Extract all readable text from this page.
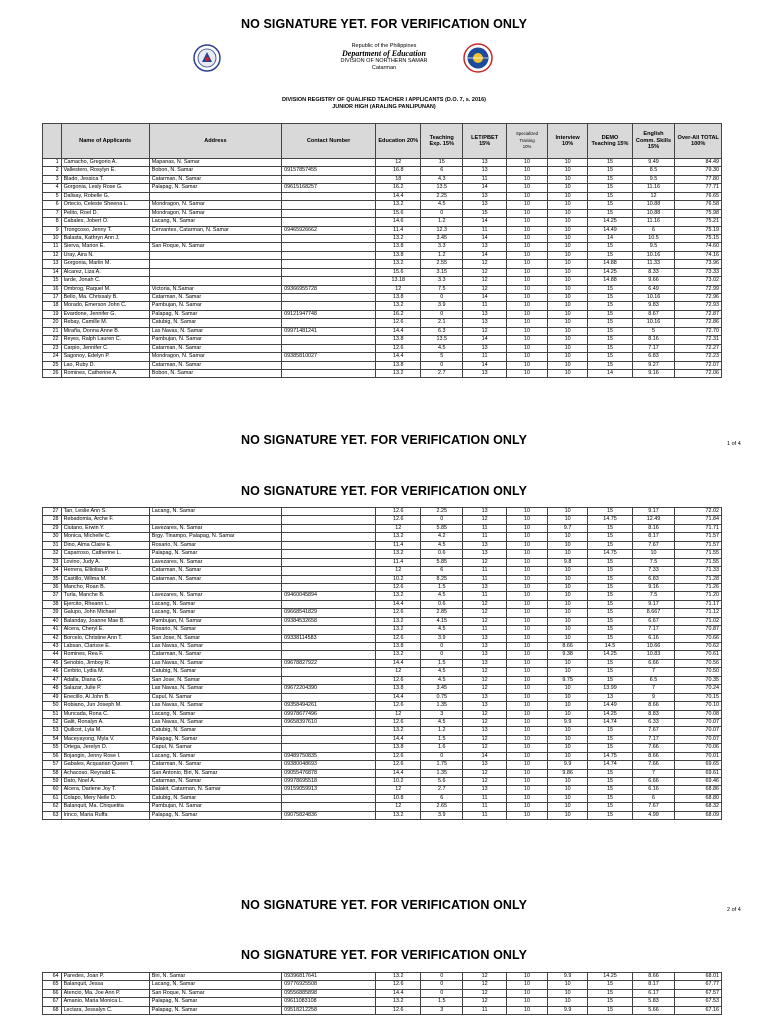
NO SIGNATURE YET. FOR VERIFICATION ONLY
Republic of the Philippines
Department of Education
DIVISION OF NORTHERN SAMAR
Catarman
DIVISION REGISTRY OF QUALIFIED TEACHER I APPLICANTS (D.O. 7, s. 2016)
JUNIOR HIGH (ARALING PANLIPUNAN)
	Name of Applicants	Address	Contact Number	Education 20%	Teaching Exp. 15%	LET/PBET 15%	Specialized Training
10%	Interview 10%	DEMO Teaching 15%	English Comm. Skills 15%	Over-All TOTAL 100%
1	Camacho, Gregorio A.	Mapanas, N. Samar		12	15	13	10	10	15	9.49	84.49
2	Vallestero, Rosylyn E.	Bobon, N. Samar	09157857455	16.8	6	13	10	10	15	8.5	79.30
3	Blado, Jessica T.	Catarman, N. Samar		18	4.3	11	10	10	15	9.5	77.80
4	Gorgonia, Lesly Rose G.	Palapag, N. Samar	09615168257	16.2	13.5	14	10	10	15	11.16	77.71
5	Dalisay, Robelle G.			14.4	2.25	13	10	10	15	12	76.65
6	Ortecio, Celeste Sheena L.	Mondragon, N. Samar		13.2	4.5	13	10	10	15	10.88	76.58
7	Pelito, Roel D.	Mondragon, N. Samar		15.6	0	15	10	10	15	10.88	75.98
8	Cabales, Jobert O.	Lacang, N. Samar		14.6	1.2	14	10	10	14.25	11.16	75.21
9	Trongcoso, Jenny T.	Cervantes, Catarman, N. Samar	09465926662	11.4	12.3	11	10	10	14.49	6	75.19
10	Balasta, Kathryn Ann J.			13.2	3.45	14	10	10	14	10.5	75.15
11	Sierva, Marion E.	San Roque, N. Samar		13.8	3.3	13	10	10	15	9.5	74.60
12	Uray, Aira N.			13.8	1.2	14	10	10	15	10.16	74.16
13	Gorgonia, Marlin M.			13.2	2.55	12	10	10	14.88	11.33	73.96
14	Alcarez, Liza A.			15.6	3.15	12	10	10	14.25	8.33	73.33
15	Iarde, Jonah C.			13.18	3.3	12	10	10	14.88	9.66	73.02
16	Ombrog, Raquel M.	Victoria, N.Samar	09366955728	12	7.5	12	10	10	15	6.49	72.99
17	Bello, Ma. Chrissaly B.	Catarman, N. Samar		13.8	0	14	10	10	15	10.16	72.96
18	Morado, Emerson John C.	Pambujan, N. Samar		13.2	3.9	11	10	10	15	9.83	72.93
19	Evardone, Jennifer G.	Palapag, N. Samar	09121947748	16.2	0	13	10	10	15	8.67	72.87
20	Rebay, Camille M.	Catubig, N. Samar		12.6	2.1	13	10	10	15	10.16	72.86
21	Miraña, Donna Anne B.	Las Navas, N. Samar	09971481241	14.4	6.3	12	10	10	15	5	72.70
22	Reyes, Ralph Lauren C.	Pambujan, N. Samar		13.8	13.5	14	10	10	15	8.16	72.31
23	Carpio, Jennifer C.	Catarman, N. Samar		12.6	4.5	13	10	10	15	7.17	72.27
24	Sagonoy, Edelyn P.	Mondragon, N. Samar	09385810027	14.4	5	11	10	10	15	6.83	72.23
25	Lao, Ruby D.	Catarman, N. Samar		13.8	0	14	10	10	15	9.27	72.07
26	Romines, Catherine A.	Bobon, N. Samar		13.2	2.7	13	10	10	14	9.16	72.06
NO SIGNATURE YET. FOR VERIFICATION ONLY	1 of 4
NO SIGNATURE YET. FOR VERIFICATION ONLY
27	Tan, Leslie Ann S.	Lacang, N. Samar		12.6	2.25	13	10	10	15	9.17	72.02
28	Rebadomia, Arche F.			12.6	0	12	10	10	14.75	12.49	71.84
29	Ciutano, Erwin Y.	Lavezares, N. Samar		12	5.85	11	10	9.7	15	8.16	71.71
30	Monica, Michelle C.	Brgy. Tinampo, Palapag, N. Samar		13.2	4.2	11	10	10	15	8.17	71.57
31	Dino, Alma Claire E.	Rosario, N. Samar		11.4	4.5	13	10	10	15	7.67	71.57
32	Caparroso, Catherine L.	Palapag, N. Samar		13.2	0.6	13	10	10	14.75	10	71.55
33	Lovino, Judy A.	Lavezares, N. Samar		11.4	5.85	12	10	9.8	15	7.5	71.55
34	Herrera, Elliolisa P.	Catarman, N. Samar		12	6	11	10	10	15	7.33	71.33
35	Castillo, Wilma M.	Catarman, N. Samar		10.2	8.25	11	10	10	15	6.83	71.28
36	Mancho, Roan B.			12.6	1.5	13	10	10	15	9.16	71.26
37	Turla, Manche B.	Lavezares, N. Samar	09460045894	13.2	4.5	11	10	10	15	7.5	71.20
38	Ejercito, Rheann L.	Lacang, N. Samar		14.4	0.6	12	10	10	15	9.17	71.17
39	Galupo, John Michael	Lacang, N. Samar	09668541829	12.6	2.85	12	10	10	15	8.667	71.12
40	Balanday, Joanne Mae B.	Pambujan, N. Samar	09384532658	13.2	4.15	12	10	10	15	6.67	71.02
41	Alcera, Cheryl E.	Rosario, N. Samar		13.2	4.5	11	10	10	15	7.17	70.87
42	Borcelo, Christine Ann T.	San Jose, N. Samar	09338114583	12.6	3.9	13	10	10	15	6.16	70.66
43	Labsan, Clarisse E.	Las Navas, N. Samar		13.8	0	13	10	8.66	14.5	10.66	70.62
44	Romines, Rea F.	Catarman, N. Samar		13.2	0	13	10	9.38	14.25	10.83	70.61
45	Senobio, Jimboy R.	Las Navas, N. Samar	09678827922	14.4	1.5	13	10	10	15	6.66	70.56
46	Cerbito, Lydia M.	Catubig, N. Samar		12	4.5	12	10	10	15	7	70.50
47	Adalla, Diana G.	San Jose, N. Samar		12.6	4.5	12	10	9.75	15	6.5	70.35
48	Salazar, Julie P.	Las Navas, N. Samar	09672204390	13.8	3.45	12	10	10	13.99	7	70.24
49	Enecillo, Al John B.	Capul, N. Samar		14.4	0.75	13	10	10	13	9	70.15
50	Robiano, Jun Joseph M.	Las Navas, N. Samar	09358494261	12.6	1.35	13	10	10	14.49	8.66	70.10
51	Muncada, Rona C.	Lacang, N. Samar	09978677496	12	3	12	10	10	14.25	8.83	70.08
52	Galit, Ronalyn A.	Las Navas, N. Samar	09658397610	12.6	4.5	12	10	9.9	14.74	6.33	70.07
53	Quilicot, Lyla M.	Catubig, N. Samar		13.2	1.2	13	10	10	15	7.67	70.07
54	Maceyayong, Myla V.	Palapag, N. Samar		14.4	1.5	12	10	10	15	7.17	70.07
55	Ortega, Jerelyn D.	Capul, N. Samar		13.8	1.6	12	10	10	15	7.66	70.06
56	Bojangin, Jenny Rose I.	Lacang, N. Samar	09489750835	12.6	0	14	10	10	14.75	8.66	70.01
57	Gabales, Acquarian Queen T.	Catarman, N. Samar	09380048693	12.6	1.75	13	10	9.9	14.74	7.66	69.65
58	Achacoso, Reynald E.	San Antonio, Biri, N. Samar	09055476878	14.4	1.35	12	10	9.86	15	7	69.61
59	Dato, Noel A.	Catarman, N. Samar	09978695518	10.2	5.6	12	10	10	15	6.66	69.46
60	Alcera, Darlene Joy T.	Dalakit, Catarman, N. Samar	09159059913	12	2.7	13	10	10	15	6.16	68.86
61	Colapo, Mery Nelle D.	Catubig, N. Samar		10.8	6	11	10	10	15	6	68.80
62	Balanquit, Ma. Chiquetita	Pambujan, N. Samar		12	2.65	11	10	10	15	7.67	68.32
63	Irinco, Maria Ruffa	Palapag, N. Samar	09075824836	13.2	3.9	11	10	10	15	4.99	68.09
NO SIGNATURE YET. FOR VERIFICATION ONLY	2 of 4
NO SIGNATURE YET. FOR VERIFICATION ONLY
64	Paredes, Joan P.	Biri, N. Samar	09396817641	13.2	0	12	10	9.9	14.25	8.66	68.01
65	Balanquit, Jessa	Lacang, N. Samar	09776925508	12.6	0	12	10	10	15	8.17	67.77
66	Atencio, Ma. Joe Ann P.	San Roque, N. Samar	09556885898	14.4	0	12	10	10	15	6.17	67.57
67	Amanio, Maria Monica L.	Palapag, N. Samar	09611083108	13.2	1.5	12	10	10	15	5.83	67.53
68	Lectara, Jessalyn C.	Palapag, N. Samar	09518212258	12.6	3	11	10	9.9	15	5.66	67.16
